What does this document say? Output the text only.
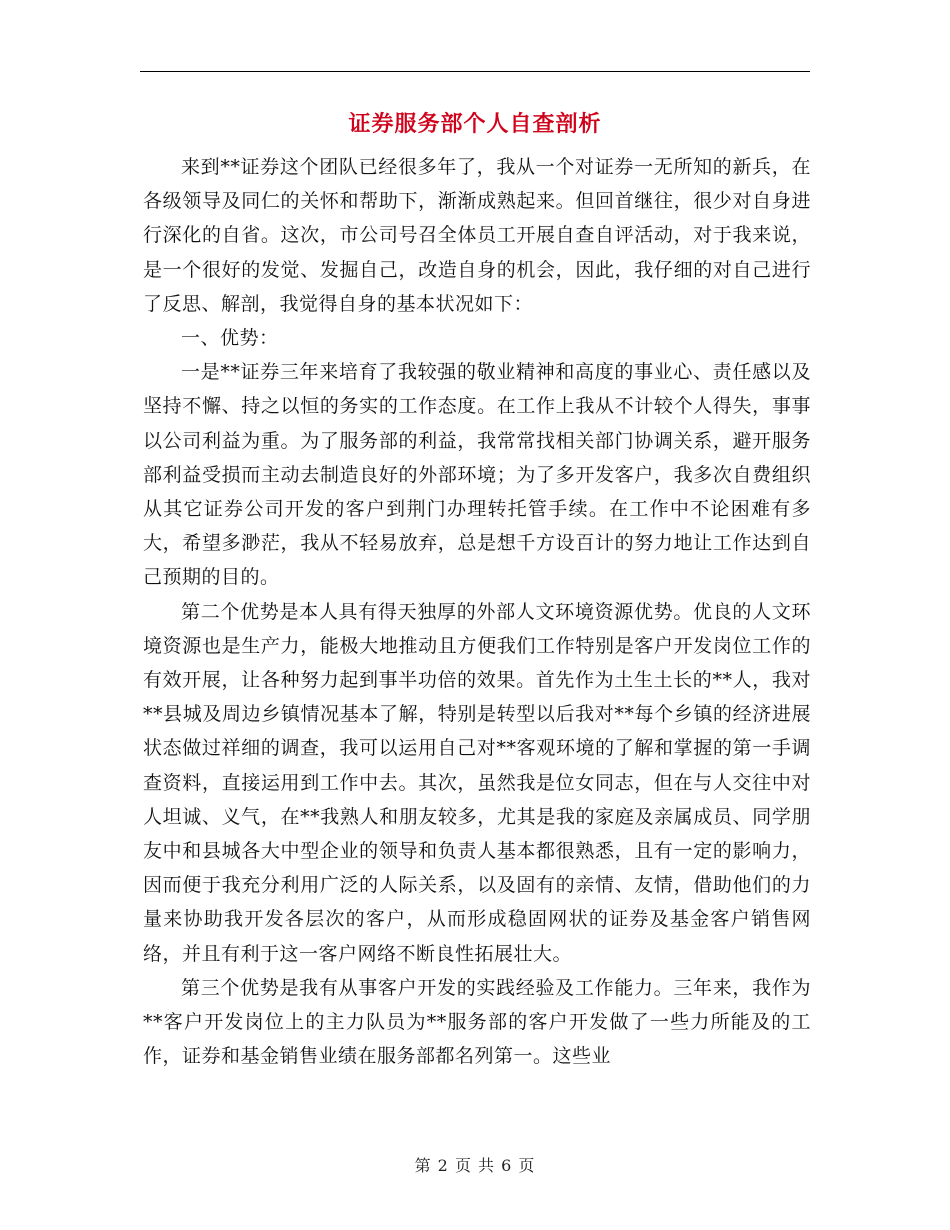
证券服务部个人自查剖析

来到**证券这个团队已经很多年了，我从一个对证券一无所知的新兵，在各级领导及同仁的关怀和帮助下，渐渐成熟起来。但回首继往，很少对自身进行深化的自省。这次，市公司号召全体员工开展自查自评活动，对于我来说，是一个很好的发觉、发掘自己，改造自身的机会，因此，我仔细的对自己进行了反思、解剖，我觉得自身的基本状况如下：

一、优势：

一是**证券三年来培育了我较强的敬业精神和高度的事业心、责任感以及坚持不懈、持之以恒的务实的工作态度。在工作上我从不计较个人得失，事事以公司利益为重。为了服务部的利益，我常常找相关部门协调关系，避开服务部利益受损而主动去制造良好的外部环境；为了多开发客户，我多次自费组织从其它证券公司开发的客户到荆门办理转托管手续。在工作中不论困难有多大，希望多渺茫，我从不轻易放弃，总是想千方设百计的努力地让工作达到自己预期的目的。

第二个优势是本人具有得天独厚的外部人文环境资源优势。优良的人文环境资源也是生产力，能极大地推动且方便我们工作特别是客户开发岗位工作的有效开展，让各种努力起到事半功倍的效果。首先作为土生土长的**人，我对**县城及周边乡镇情况基本了解，特别是转型以后我对**每个乡镇的经济进展状态做过祥细的调查，我可以运用自己对**客观环境的了解和掌握的第一手调查资料，直接运用到工作中去。其次，虽然我是位女同志，但在与人交往中对人坦诚、义气，在**我熟人和朋友较多，尤其是我的家庭及亲属成员、同学朋友中和县城各大中型企业的领导和负责人基本都很熟悉，且有一定的影响力，因而便于我充分利用广泛的人际关系，以及固有的亲情、友情，借助他们的力量来协助我开发各层次的客户，从而形成稳固网状的证券及基金客户销售网络，并且有利于这一客户网络不断良性拓展壮大。

第三个优势是我有从事客户开发的实践经验及工作能力。三年来，我作为**客户开发岗位上的主力队员为**服务部的客户开发做了一些力所能及的工作，证券和基金销售业绩在服务部都名列第一。这些业

第 2 页 共 6 页
